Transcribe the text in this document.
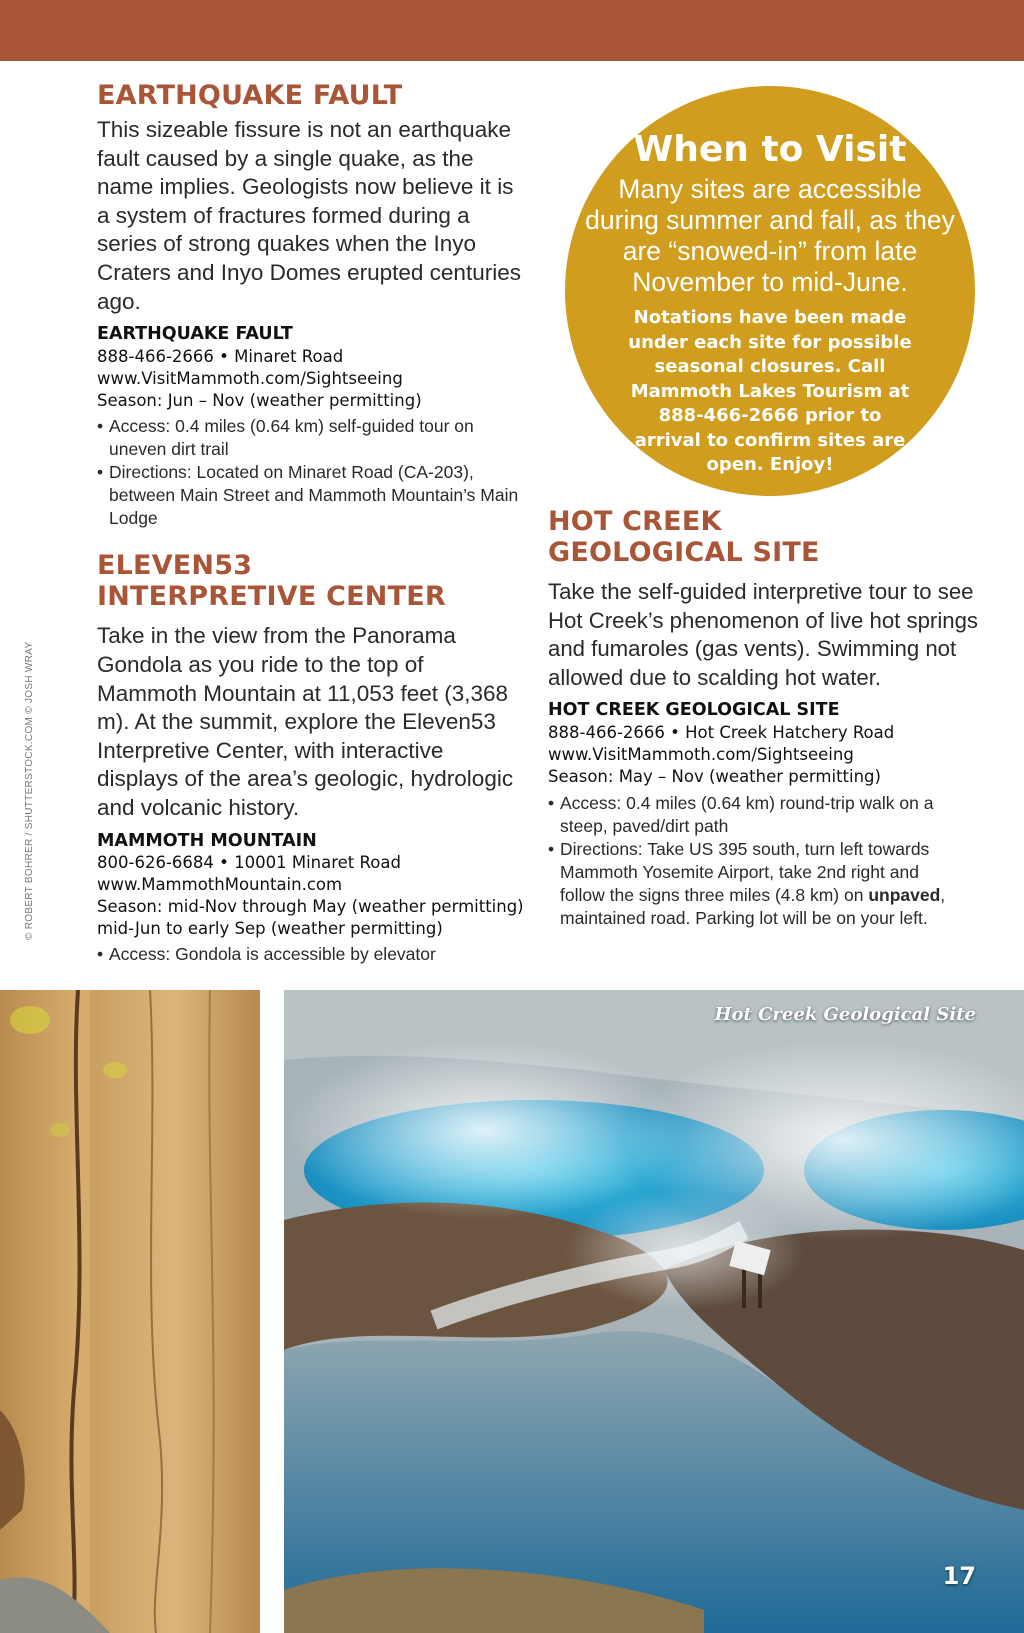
EARTHQUAKE FAULT

This sizeable fissure is not an earthquake fault caused by a single quake, as the name implies. Geologists now believe it is a system of fractures formed during a series of strong quakes when the Inyo Craters and Inyo Domes erupted centuries ago.

EARTHQUAKE FAULT
888-466-2666 • Minaret Road
www.VisitMammoth.com/Sightseeing
Season: Jun – Nov (weather permitting)
• Access: 0.4 miles (0.64 km) self-guided tour on uneven dirt trail
• Directions: Located on Minaret Road (CA-203), between Main Street and Mammoth Mountain’s Main Lodge
ELEVEN53
INTERPRETIVE CENTER

Take in the view from the Panorama Gondola as you ride to the top of Mammoth Mountain at 11,053 feet (3,368 m). At the summit, explore the Eleven53 Interpretive Center, with interactive displays of the area’s geologic, hydrologic and volcanic history.

MAMMOTH MOUNTAIN
800-626-6684 • 10001 Minaret Road
www.MammothMountain.com
Season: mid-Nov through May (weather permitting)
mid-Jun to early Sep (weather permitting)
• Access: Gondola is accessible by elevator
When to Visit
Many sites are accessible during summer and fall, as they are “snowed-in” from late November to mid-June.
Notations have been made under each site for possible seasonal closures. Call Mammoth Lakes Tourism at 888-466-2666 prior to arrival to confirm sites are open. Enjoy!
HOT CREEK
GEOLOGICAL SITE

Take the self-guided interpretive tour to see Hot Creek’s phenomenon of live hot springs and fumaroles (gas vents). Swimming not allowed due to scalding hot water.

HOT CREEK GEOLOGICAL SITE
888-466-2666 • Hot Creek Hatchery Road
www.VisitMammoth.com/Sightseeing
Season: May – Nov (weather permitting)
• Access: 0.4 miles (0.64 km) round-trip walk on a steep, paved/dirt path
• Directions: Take US 395 south, turn left towards Mammoth Yosemite Airport, take 2nd right and follow the signs three miles (4.8 km) on unpaved, maintained road. Parking lot will be on your left.
© ROBERT BOHRER / SHUTTERSTOCK.COM © JOSH WRAY
Hot Creek Geological Site
17
